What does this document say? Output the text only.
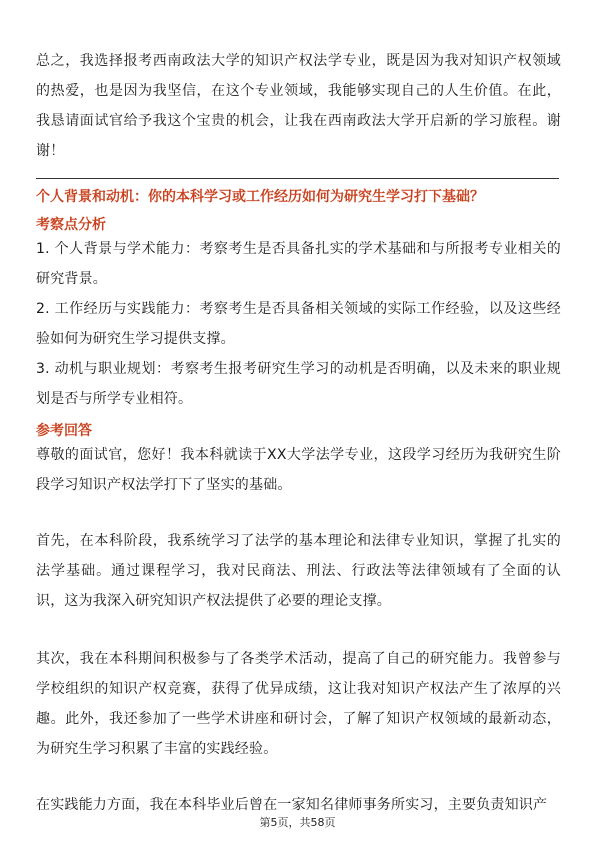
总之，我选择报考西南政法大学的知识产权法学专业，既是因为我对知识产权领域的热爱，也是因为我坚信，在这个专业领域，我能够实现自己的人生价值。在此，我恳请面试官给予我这个宝贵的机会，让我在西南政法大学开启新的学习旅程。谢谢！

个人背景和动机：你的本科学习或工作经历如何为研究生学习打下基础？
考察点分析

1. 个人背景与学术能力：考察考生是否具备扎实的学术基础和与所报考专业相关的研究背景。

2. 工作经历与实践能力：考察考生是否具备相关领域的实际工作经验，以及这些经验如何为研究生学习提供支撑。

3. 动机与职业规划：考察考生报考研究生学习的动机是否明确，以及未来的职业规划是否与所学专业相符。

参考回答

尊敬的面试官，您好！我本科就读于XX大学法学专业，这段学习经历为我研究生阶段学习知识产权法学打下了坚实的基础。

首先，在本科阶段，我系统学习了法学的基本理论和法律专业知识，掌握了扎实的法学基础。通过课程学习，我对民商法、刑法、行政法等法律领域有了全面的认识，这为我深入研究知识产权法提供了必要的理论支撑。

其次，我在本科期间积极参与了各类学术活动，提高了自己的研究能力。我曾参与学校组织的知识产权竞赛，获得了优异成绩，这让我对知识产权法产生了浓厚的兴趣。此外，我还参加了一些学术讲座和研讨会，了解了知识产权领域的最新动态，为研究生学习积累了丰富的实践经验。

在实践能力方面，我在本科毕业后曾在一家知名律师事务所实习，主要负责知识产

第5页，共58页
